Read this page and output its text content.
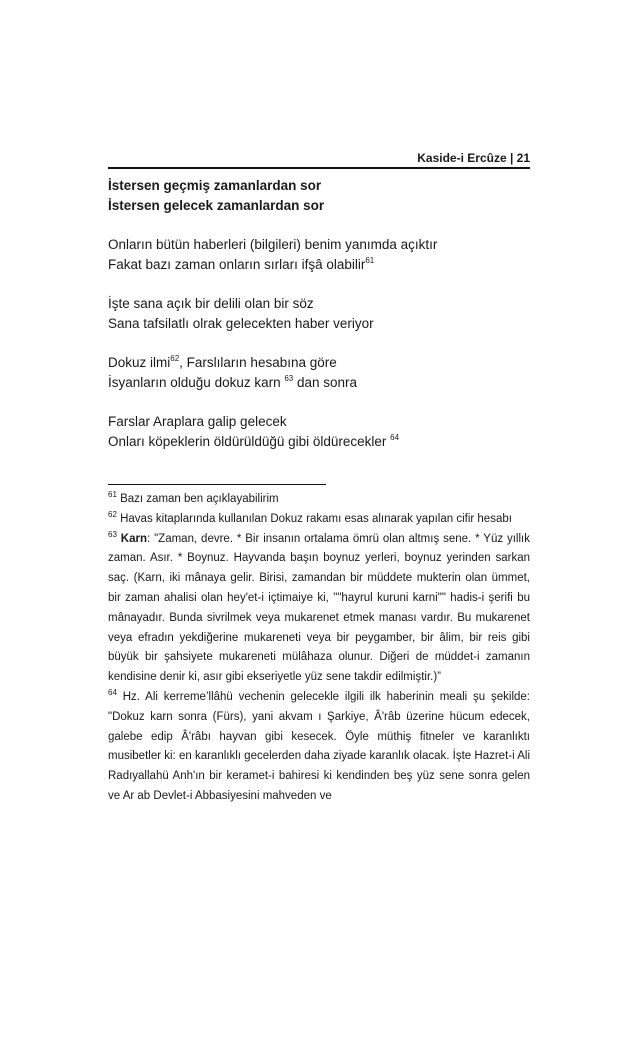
Kaside-i Ercûze | 21
İstersen geçmiş zamanlardan sor
İstersen gelecek zamanlardan sor
Onların bütün haberleri (bilgileri) benim yanımda açıktır
Fakat bazı zaman onların sırları ifşâ olabilir$^{61}$
İşte sana açık bir delili olan bir söz
Sana tafsilatlı olrak gelecekten haber veriyor
Dokuz ilmi$^{62}$, Farslıların hesabına göre
İsyanların olduğu dokuz karn $^{63}$ dan sonra
Farslar Araplara galip gelecek
Onları köpeklerin öldürüldüğü gibi öldürecekler $^{64}$

$^{61}$ Bazı zaman ben açıklayabilirim

$^{62}$ Havas kitaplarında kullanılan Dokuz rakamı esas alınarak yapılan cifir hesabı

$^{63}$ Karn: "Zaman, devre. * Bir insanın ortalama ömrü olan altmış sene. * Yüz yıllık zaman. Asır. * Boynuz. Hayvanda başın boynuz yerleri, boynuz yerinden sarkan saç. (Karn, iki mânaya gelir. Birisi, zamandan bir müddete mukterin olan ümmet, bir zaman ahalisi olan hey'et-i içtimaiye ki, ""hayrul kuruni karni"" hadis-i şerifi bu mânayadır. Bunda sivrilmek veya mukarenet etmek manası vardır. Bu mukarenet veya efradın yekdiğerine mukareneti veya bir peygamber, bir âlim, bir reis gibi büyük bir şahsiyete mukareneti mülâhaza olunur. Diğeri de müddet-i zamanın kendisine denir ki, asır gibi ekseriyetle yüz sene takdir edilmiştir.)”

$^{64}$ Hz. Ali kerreme’llâhü vechenin gelecekle ilgili ilk haberinin meali şu şekilde: "Dokuz karn sonra (Fürs), yani akvam ı Şarkiye, Â'râb üzerine hücum edecek, galebe edip Â'râbı hayvan gibi kesecek. Öyle müthiş fitneler ve karanlıktı musibetler ki: en karanlıklı gecelerden daha ziyade karanlık olacak. İşte Hazret-i Ali Radıyallahü Anh'ın bir keramet-i bahiresi ki kendinden beş yüz sene sonra gelen ve Ar ab Devlet-i Abbasiyesini mahveden ve
